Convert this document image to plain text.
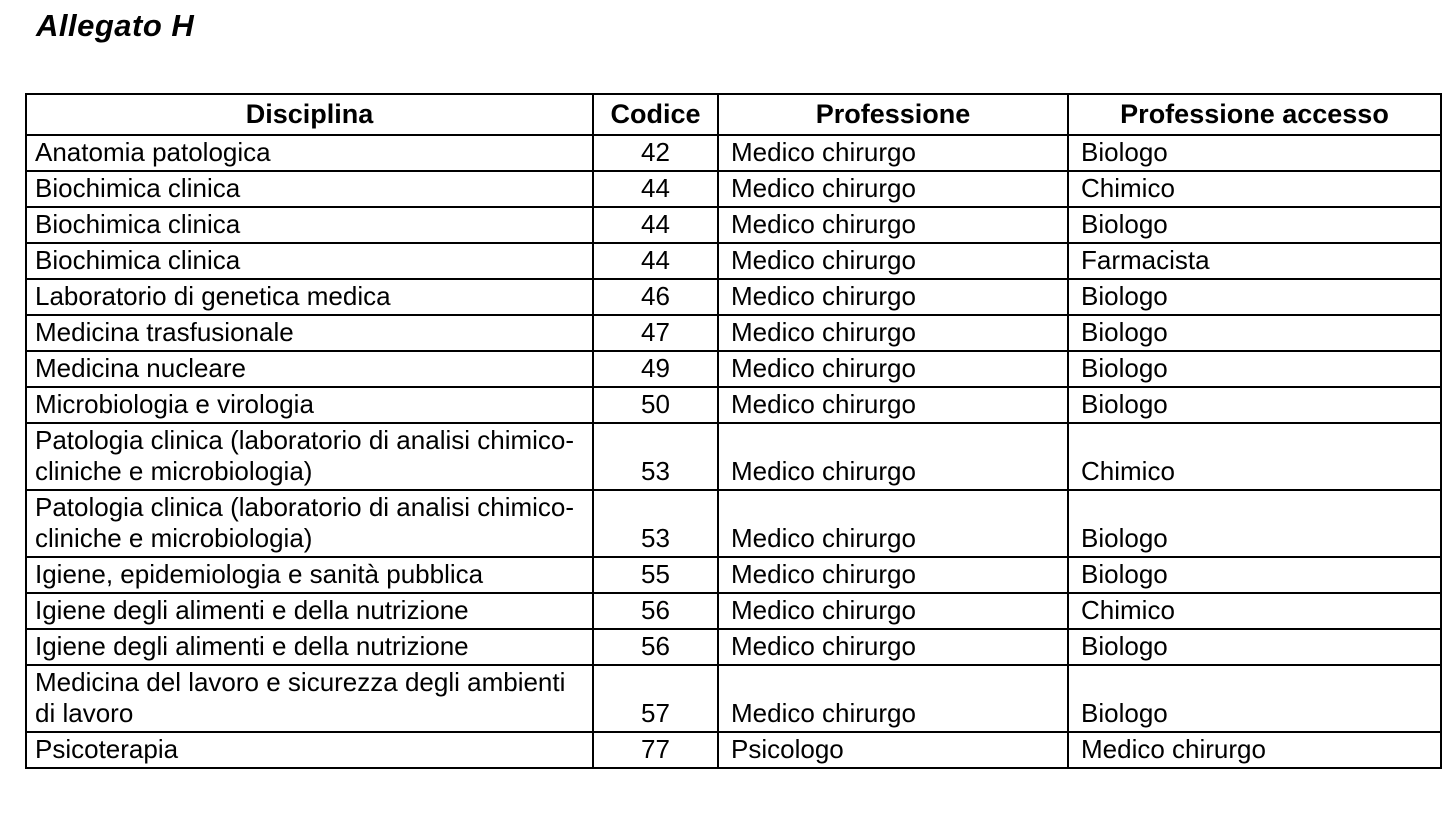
Allegato H
Disciplina	Codice	Professione	Professione accesso
Anatomia patologica	42	Medico chirurgo	Biologo
Biochimica clinica	44	Medico chirurgo	Chimico
Biochimica clinica	44	Medico chirurgo	Biologo
Biochimica clinica	44	Medico chirurgo	Farmacista
Laboratorio di genetica medica	46	Medico chirurgo	Biologo
Medicina trasfusionale	47	Medico chirurgo	Biologo
Medicina nucleare	49	Medico chirurgo	Biologo
Microbiologia e virologia	50	Medico chirurgo	Biologo
Patologia clinica (laboratorio di analisi chimico-cliniche e microbiologia)	53	Medico chirurgo	Chimico
Patologia clinica (laboratorio di analisi chimico-cliniche e microbiologia)	53	Medico chirurgo	Biologo
Igiene, epidemiologia e sanità pubblica	55	Medico chirurgo	Biologo
Igiene degli alimenti e della nutrizione	56	Medico chirurgo	Chimico
Igiene degli alimenti e della nutrizione	56	Medico chirurgo	Biologo
Medicina del lavoro e sicurezza degli ambienti di lavoro	57	Medico chirurgo	Biologo
Psicoterapia	77	Psicologo	Medico chirurgo
